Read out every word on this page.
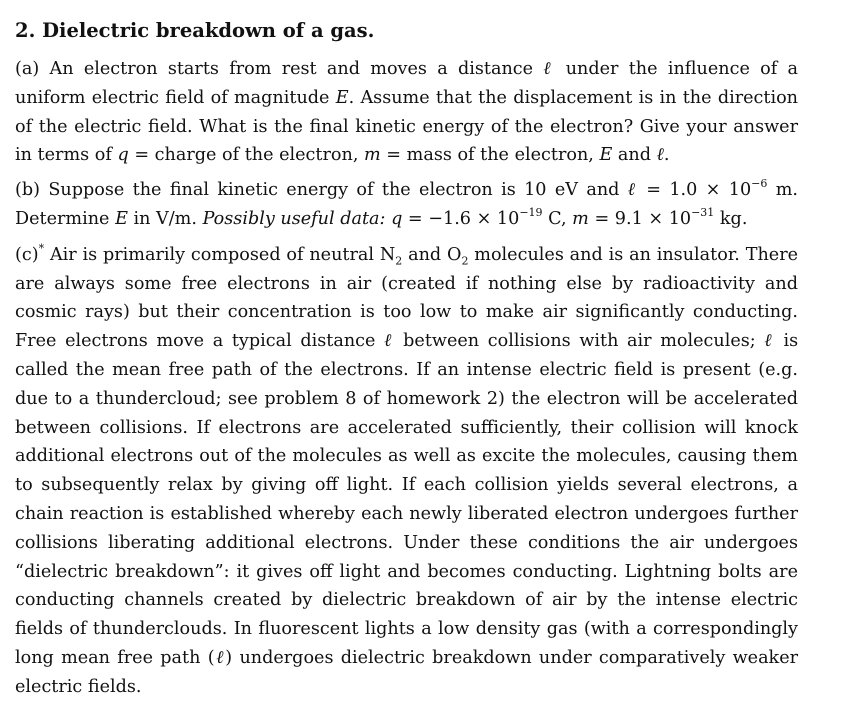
2. Dielectric breakdown of a gas.

(a) An electron starts from rest and moves a distance ℓ under the influence of a uniform electric field of magnitude E. Assume that the displacement is in the direction of the electric field. What is the final kinetic energy of the electron? Give your answer in terms of q = charge of the electron, m = mass of the electron, E and ℓ.

(b) Suppose the final kinetic energy of the electron is 10 eV and ℓ = $1.0 \times 10^{-6}$ m. Determine E in V/m. Possibly useful data: $q = -1.6 \times 10^{-19}$ C, $m = 9.1 \times 10^{-31}$ kg.

(c)* Air is primarily composed of neutral $N_2$ and $O_2$ molecules and is an insulator. There are always some free electrons in air (created if nothing else by radioactivity and cosmic rays) but their concentration is too low to make air significantly conducting. Free electrons move a typical distance ℓ between collisions with air molecules; ℓ is called the mean free path of the electrons. If an intense electric field is present (e.g. due to a thundercloud; see problem 8 of homework 2) the electron will be accelerated between collisions. If electrons are accelerated sufficiently, their collision will knock additional electrons out of the molecules as well as excite the molecules, causing them to subsequently relax by giving off light. If each collision yields several electrons, a chain reaction is established whereby each newly liberated electron undergoes further collisions liberating additional electrons. Under these conditions the air undergoes “dielectric breakdown”: it gives off light and becomes conducting. Lightning bolts are conducting channels created by dielectric breakdown of air by the intense electric fields of thunderclouds. In fluorescent lights a low density gas (with a correspondingly long mean free path (ℓ) undergoes dielectric breakdown under comparatively weaker electric fields.
